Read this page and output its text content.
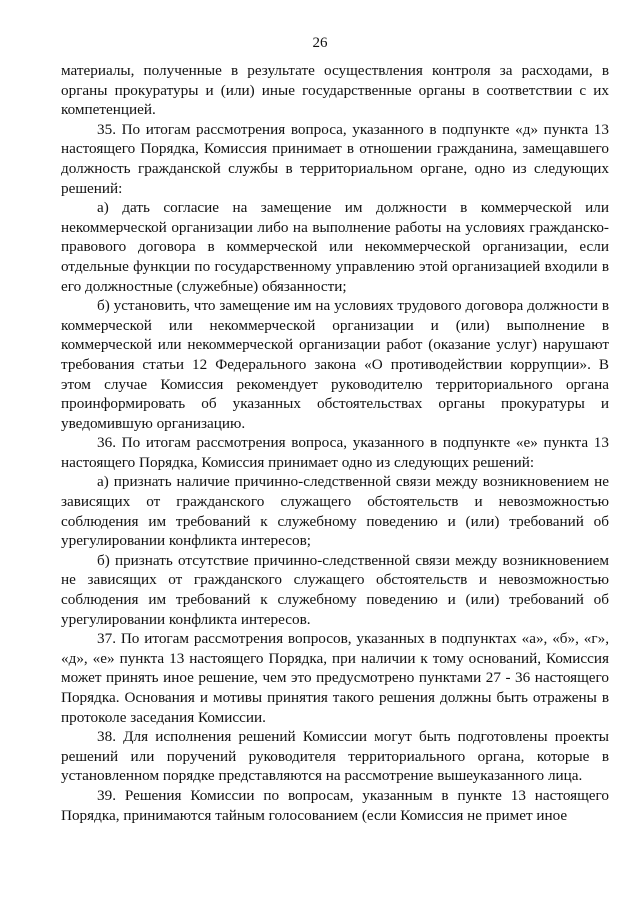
26

материалы, полученные в результате осуществления контроля за расходами, в органы прокуратуры и (или) иные государственные органы в соответствии с их компетенцией.

35. По итогам рассмотрения вопроса, указанного в подпункте «д» пункта 13 настоящего Порядка, Комиссия принимает в отношении гражданина, замещавшего должность гражданской службы в территориальном органе, одно из следующих решений:

а) дать согласие на замещение им должности в коммерческой или некоммерческой организации либо на выполнение работы на условиях гражданско-правового договора в коммерческой или некоммерческой организации, если отдельные функции по государственному управлению этой организацией входили в его должностные (служебные) обязанности;

б) установить, что замещение им на условиях трудового договора должности в коммерческой или некоммерческой организации и (или) выполнение в коммерческой или некоммерческой организации работ (оказание услуг) нарушают требования статьи 12 Федерального закона «О противодействии коррупции». В этом случае Комиссия рекомендует руководителю территориального органа проинформировать об указанных обстоятельствах органы прокуратуры и уведомившую организацию.

36. По итогам рассмотрения вопроса, указанного в подпункте «е» пункта 13 настоящего Порядка, Комиссия принимает одно из следующих решений:

а) признать наличие причинно-следственной связи между возникновением не зависящих от гражданского служащего обстоятельств и невозможностью соблюдения им требований к служебному поведению и (или) требований об урегулировании конфликта интересов;

б) признать отсутствие причинно-следственной связи между возникновением не зависящих от гражданского служащего обстоятельств и невозможностью соблюдения им требований к служебному поведению и (или) требований об урегулировании конфликта интересов.

37. По итогам рассмотрения вопросов, указанных в подпунктах «а», «б», «г», «д», «е» пункта 13 настоящего Порядка, при наличии к тому оснований, Комиссия может принять иное решение, чем это предусмотрено пунктами 27 - 36 настоящего Порядка. Основания и мотивы принятия такого решения должны быть отражены в протоколе заседания Комиссии.

38. Для исполнения решений Комиссии могут быть подготовлены проекты решений или поручений руководителя территориального органа, которые в установленном порядке представляются на рассмотрение вышеуказанного лица.

39. Решения Комиссии по вопросам, указанным в пункте 13 настоящего Порядка, принимаются тайным голосованием (если Комиссия не примет иное
